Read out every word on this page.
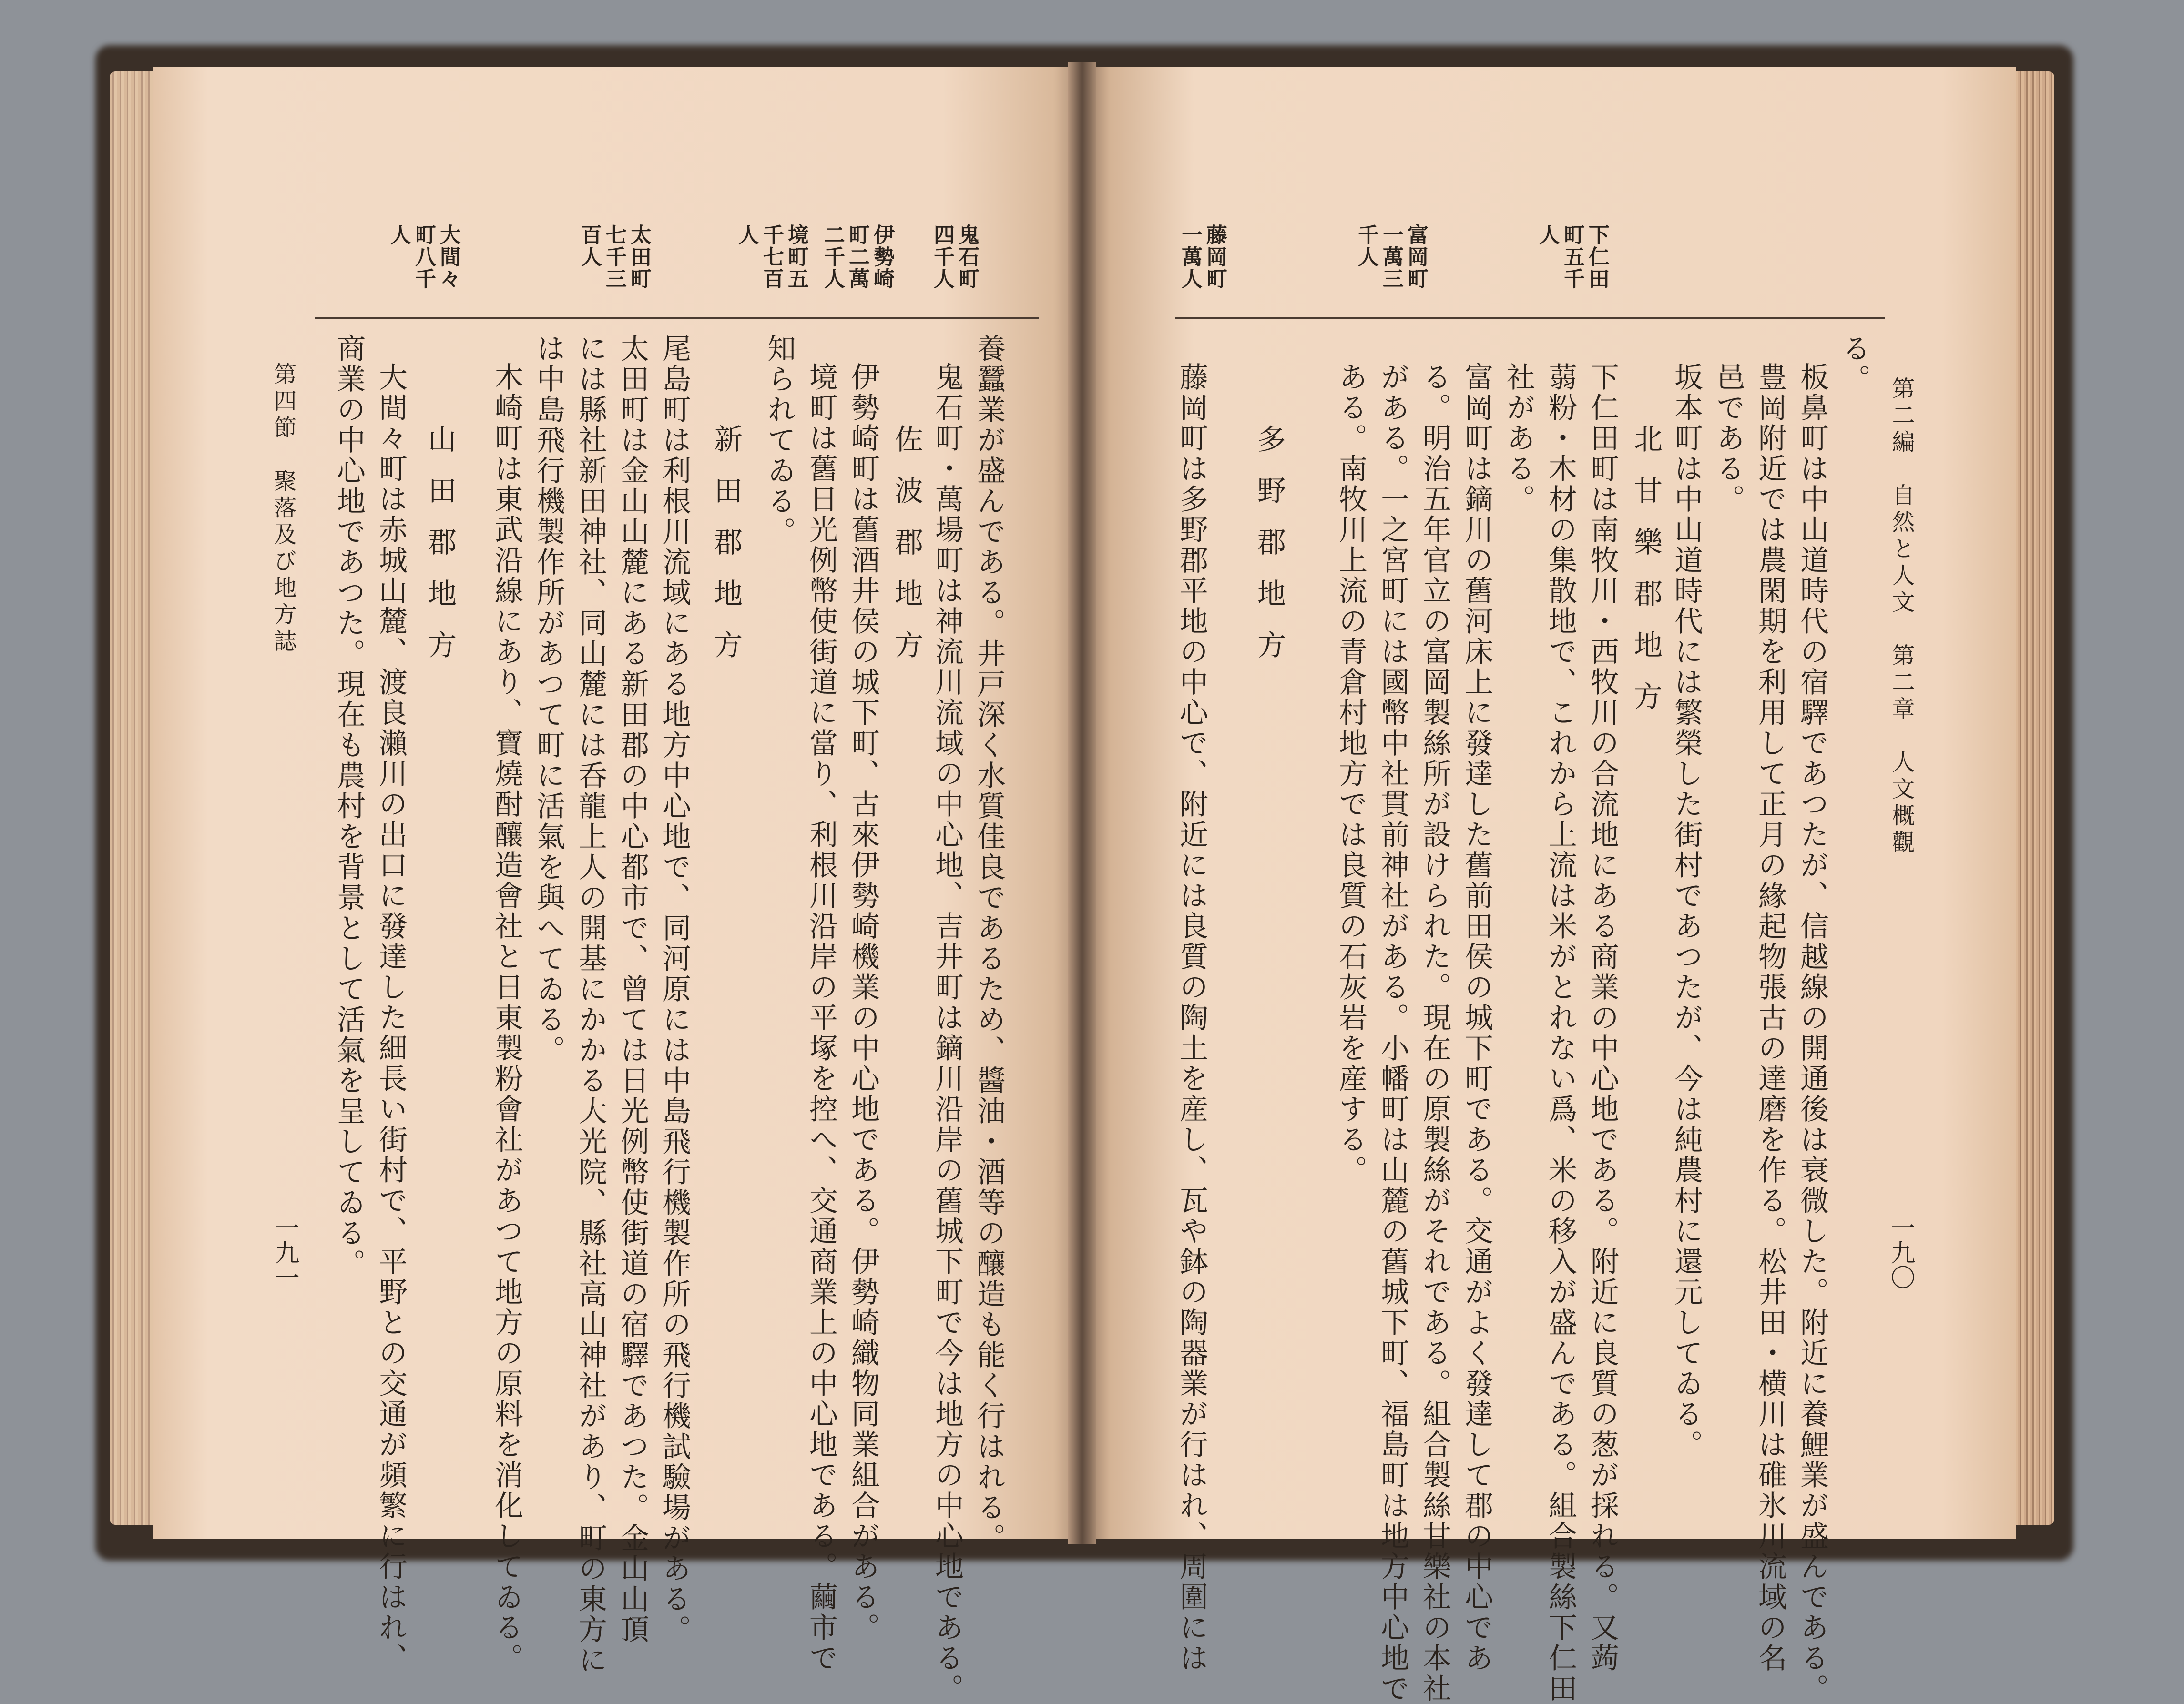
第二編　自然と人文　第二章　人文概觀
一九〇
下仁田町五千人
富岡町一萬三千人
藤岡町一萬人
る。
板鼻町は中山道時代の宿驛であつたが、信越線の開通後は衰微した。附近に養鯉業が盛んである。
豊岡附近では農閑期を利用して正月の緣起物張古の達磨を作る。松井田・横川は碓氷川流域の名
邑である。
坂本町は中山道時代には繁榮した街村であつたが、今は純農村に還元してゐる。
北甘樂郡地方
下仁田町は南牧川・西牧川の合流地にある商業の中心地である。附近に良質の葱が採れる。又蒟
蒻粉・木材の集散地で、これから上流は米がとれない爲、米の移入が盛んである。組合製絲下仁田
社がある。
富岡町は鏑川の舊河床上に發達した舊前田侯の城下町である。交通がよく發達して郡の中心であ
る。明治五年官立の富岡製絲所が設けられた。現在の原製絲がそれである。組合製絲甘樂社の本社
がある。一之宮町には國幣中社貫前神社がある。小幡町は山麓の舊城下町、福島町は地方中心地で
ある。南牧川上流の青倉村地方では良質の石灰岩を産する。
多野郡地方
藤岡町は多野郡平地の中心で、附近には良質の陶土を産し、瓦や鉢の陶器業が行はれ、周圍には
鬼石町四千人
伊勢崎町二萬二千人
境町五千七百人
太田町七千三百人
大間々町八千人
養蠶業が盛んである。井戸深く水質佳良であるため、醬油・酒等の釀造も能く行はれる。
鬼石町・萬場町は神流川流域の中心地、吉井町は鏑川沿岸の舊城下町で今は地方の中心地である。
佐波郡地方
伊勢崎町は舊酒井侯の城下町、古來伊勢崎機業の中心地である。伊勢崎織物同業組合がある。
境町は舊日光例幣使街道に當り、利根川沿岸の平塚を控へ、交通商業上の中心地である。繭市で
知られてゐる。
新田郡地方
尾島町は利根川流域にある地方中心地で、同河原には中島飛行機製作所の飛行機試驗場がある。
太田町は金山山麓にある新田郡の中心都市で、曾ては日光例幣使街道の宿驛であつた。金山山頂
には縣社新田神社、同山麓には呑龍上人の開基にかかる大光院、縣社高山神社があり、町の東方に
は中島飛行機製作所があつて町に活氣を與へてゐる。
木崎町は東武沿線にあり、寶燒酎釀造會社と日東製粉會社があつて地方の原料を消化してゐる。
山田郡地方
大間々町は赤城山麓、渡良瀨川の出口に發達した細長い街村で、平野との交通が頻繁に行はれ、
商業の中心地であつた。現在も農村を背景として活氣を呈してゐる。
第四節　聚落及び地方誌
一九一
